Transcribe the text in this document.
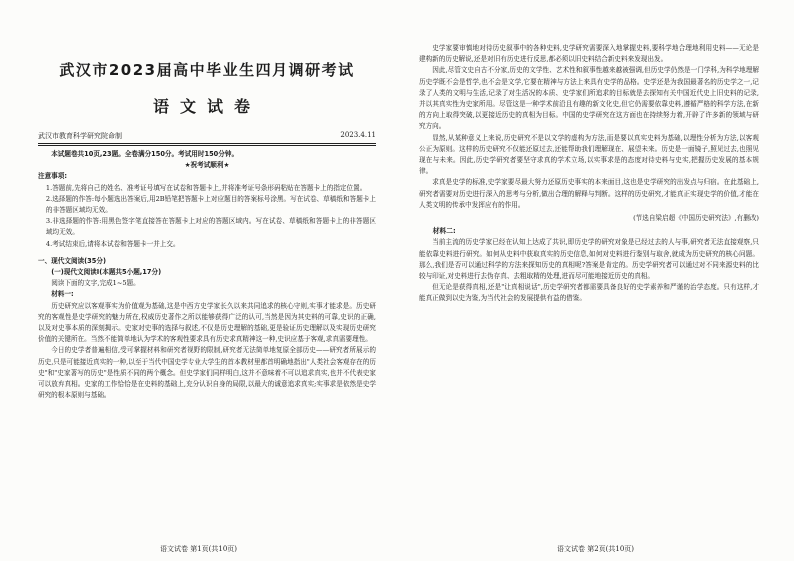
武汉市2023届高中毕业生四月调研考试
语文试卷
武汉市教育科学研究院命制	2023.4.11

本试题卷共10页,23题。全卷满分150分。考试用时150分钟。

★祝考试顺利★

注意事项:

1.答题前,先将自己的姓名、准考证号填写在试卷和答题卡上,并将准考证号条形码粘贴在答题卡上的指定位置。

2.选择题的作答:每小题选出答案后,用2B铅笔把答题卡上对应题目的答案标号涂黑。写在试卷、草稿纸和答题卡上的非答题区域均无效。

3.非选择题的作答:用黑色签字笔直接答在答题卡上对应的答题区域内。写在试卷、草稿纸和答题卡上的非答题区域均无效。

4.考试结束后,请将本试卷和答题卡一并上交。

一、现代文阅读(35分)

(一)现代文阅读Ⅰ(本题共5小题,17分)

阅读下面的文字,完成1~5题。

材料一:

历史研究应以客观事实为价值观为基础,这是中西方史学家长久以来共同追求的核心守则,实事才能求是。历史研究的客观性是史学研究的魅力所在,权威历史著作之所以能够获得广泛的认可,当然是因为其史料的可靠,史识的正确,以及对史事本质的深刻揭示。史家对史事的选择与叙述,不仅是历史理解的基础,更是验证历史理解以及实现历史研究价值的关键所在。当然不能简单地认为学术的客观性要求具有历史求真精神这一种,史识应基于客观,求真需要理性。

今日的史学者普遍相信,受可掌握材料和研究者视野的限制,研究者无法简单地复原全部历史——研究者所展示的历史,只是可能接近真实的一种,以至于当代中国史学专业大学生的首本教材里都首明确地指出"人类社会客观存在的历史"和"史家著写的历史"是性质不同的两个概念。但史学家们同样明白,这并不意味着不可以追求真实,也并不代表史家可以放弃真相。史家的工作恰恰是在史料的基础上,充分认识自身的局限,以最大的诚意追求真实;实事求是依然是史学研究的根本原则与基础。

语文试卷 第1页(共10页)

史学家要审慎地对待历史叙事中的各种史料,史学研究需要深入地掌握史料,要科学地合理地利用史料——无论是建构新的历史解说,还是对旧有历史进行反思,都必须以旧史料结合新史料来发现出发。

因此,尽管文史自古不分家,历史的文学性、艺术性和叙事性越来越被强调,但历史学仍然是一门学科,为科学地理解历史学既不会是哲学,也不会是文学,它要在精神与方法上来具有史学的品格。史学还是为我国最著名的历史学之一,记录了人类的文明与生活,记录了对生活况的本质、史学家们所追求的目标就是去探知有关中国近代史上旧史料的记录,并以其真实性为史家所用。尽管这是一种学术前沿且有趣的新文化史,但它仍需要依靠史料,遵循严格的科学方法,在新的方向上取得突破,以更接近历史的真相为目标。中国的史学研究在这方面也在持续努力着,开辟了许多新的领域与研究方向。

显然,从某种意义上来说,历史研究不是以文学的虚构为方法,而是要以真实史料为基础,以理性分析为方法,以客观公正为原则。这样的历史研究不仅能还原过去,还能帮助我们理解现在、展望未来。历史是一面镜子,照见过去,也照见现在与未来。因此,历史学研究者要坚守求真的学术立场,以实事求是的态度对待史料与史实,把握历史发展的基本规律。

求真是史学的标准,史学家要尽最大努力还原历史事实的本来面目,这也是史学研究的出发点与归宿。在此基础上,研究者需要对历史进行深入的思考与分析,做出合理的解释与判断。这样的历史研究,才能真正实现史学的价值,才能在人类文明的传承中发挥应有的作用。

(节选自梁启超《中国历史研究法》,有删改)

材料二:

当前主流的历史学家已经在认知上达成了共识,即历史学的研究对象是已经过去的人与事,研究者无法直接观察,只能依靠史料进行研究。如何从史料中获取真实的历史信息,如何对史料进行鉴别与取舍,就成为历史研究的核心问题。那么,我们是否可以通过科学的方法来探知历史的真相呢?答案是肯定的。历史学研究者可以通过对不同来源史料的比较与印证,对史料进行去伪存真、去粗取精的处理,进而尽可能地接近历史的真相。

但无论是获得真相,还是"让真相说话",历史学研究者都需要具备良好的史学素养和严谨的治学态度。只有这样,才能真正做到以史为鉴,为当代社会的发展提供有益的借鉴。

语文试卷 第2页(共10页)
